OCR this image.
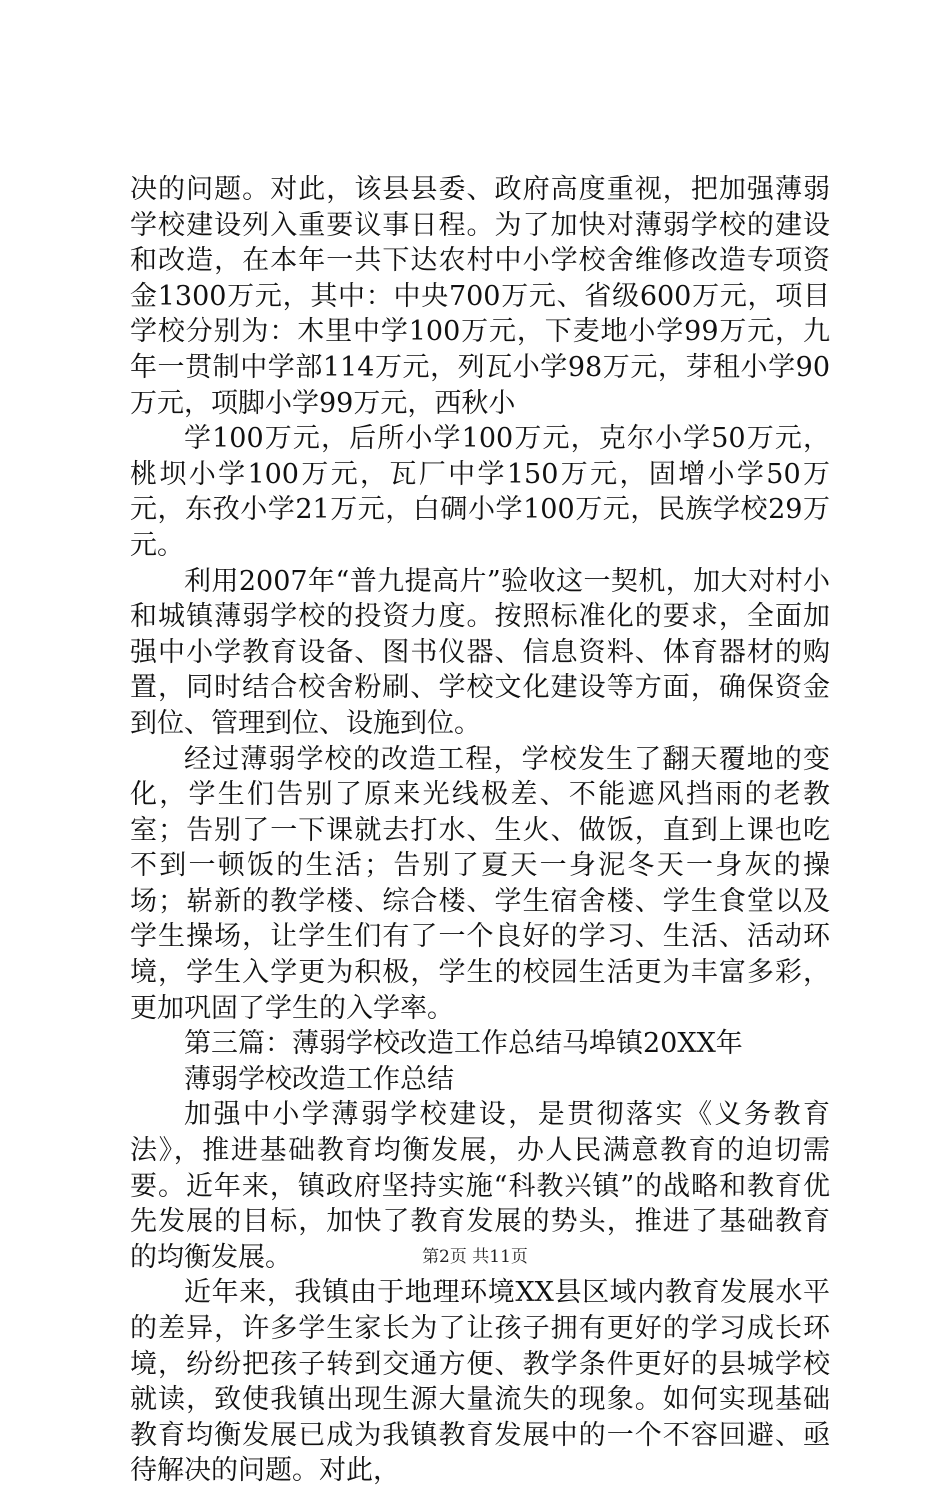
决的问题。对此，该县县委、政府高度重视，把加强薄弱学校建设列入重要议事日程。为了加快对薄弱学校的建设和改造，在本年一共下达农村中小学校舍维修改造专项资金1300万元，其中：中央700万元、省级600万元，项目学校分别为：木里中学100万元，下麦地小学99万元，九年一贯制中学部114万元，列瓦小学98万元，芽租小学90万元，项脚小学99万元，西秋小

学100万元，后所小学100万元，克尔小学50万元，桃坝小学100万元，瓦厂中学150万元，固增小学50万元，东孜小学21万元，白碉小学100万元，民族学校29万元。

利用2007年“普九提高片”验收这一契机，加大对村小和城镇薄弱学校的投资力度。按照标准化的要求，全面加强中小学教育设备、图书仪器、信息资料、体育器材的购置，同时结合校舍粉刷、学校文化建设等方面，确保资金到位、管理到位、设施到位。

经过薄弱学校的改造工程，学校发生了翻天覆地的变化，学生们告别了原来光线极差、不能遮风挡雨的老教室；告别了一下课就去打水、生火、做饭，直到上课也吃不到一顿饭的生活；告别了夏天一身泥冬天一身灰的操场；崭新的教学楼、综合楼、学生宿舍楼、学生食堂以及学生操场，让学生们有了一个良好的学习、生活、活动环境，学生入学更为积极，学生的校园生活更为丰富多彩，更加巩固了学生的入学率。

第三篇：薄弱学校改造工作总结马埠镇20XX年

薄弱学校改造工作总结

加强中小学薄弱学校建设，是贯彻落实《义务教育法》，推进基础教育均衡发展，办人民满意教育的迫切需要。近年来，镇政府坚持实施“科教兴镇”的战略和教育优先发展的目标，加快了教育发展的势头，推进了基础教育的均衡发展。

近年来，我镇由于地理环境XX县区域内教育发展水平的差异，许多学生家长为了让孩子拥有更好的学习成长环境，纷纷把孩子转到交通方便、教学条件更好的县城学校就读，致使我镇出现生源大量流失的现象。如何实现基础教育均衡发展已成为我镇教育发展中的一个不容回避、亟待解决的问题。对此，

第2页 共11页
